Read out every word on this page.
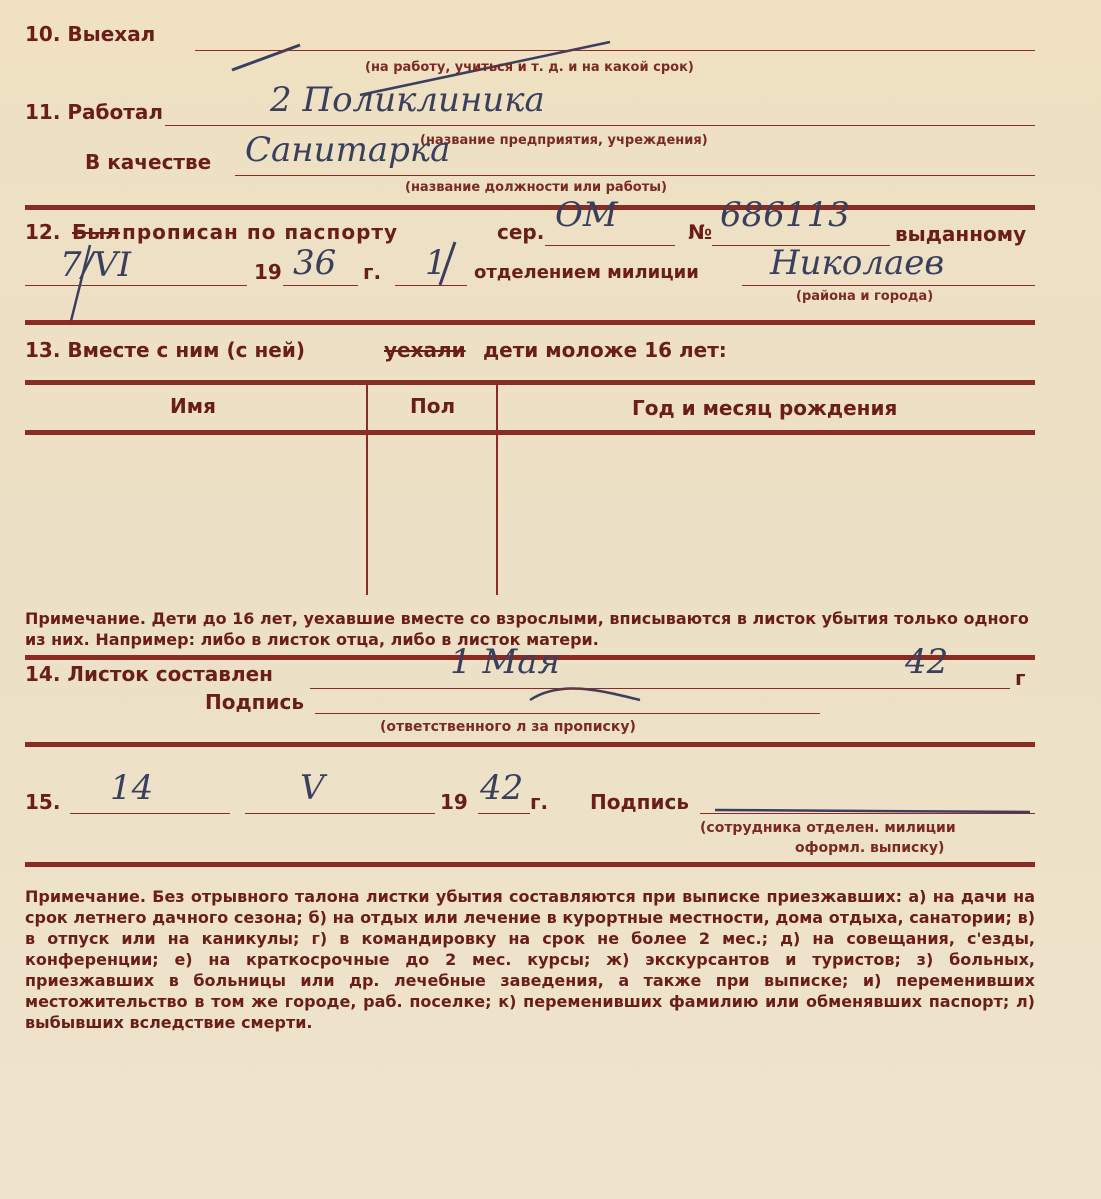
10. Выехал
(на работу, учиться и т. д. и на какой срок)
11. Работал	2 Поликлиника
(название предприятия, учреждения)
В качестве Санитарка
(название должности или работы)
12. Был прописан по паспорту	сер. ОМ	№ 686113 выданному
7/VI	19 36 г. 1 отделением милиции Николаев
(района и города)
13. Вместе с ним (с ней)	уехали дети моложе 16 лет:
Имя	Пол	Год и месяц рождения
Примечание. Дети до 16 лет, уехавшие вместе со взрослыми, вписываются в листок убытия только одного из них. Например: либо в листок отца, либо в листок матери.
14. Листок составлен	1 Мая	42	г
Подпись
(ответственного л за прописку)
15. 14	V	19 42 г. Подпись
(сотрудника отделен. милиции
оформл. выписку)
Примечание. Без отрывного талона листки убытия составляются при выписке приезжавших: а) на дачи на срок летнего дачного сезона; б) на отдых или лечение в курортные местности, дома отдыха, санатории; в) в отпуск или на каникулы; г) в командировку на срок не более 2 мес.; д) на совещания, с'езды, конференции; е) на краткосрочные до 2 мес. курсы; ж) экскурсантов и туристов; з) больных, приезжавших в больницы или др. лечебные заведения, а также при выписке; и) переменивших местожительство в том же городе, раб. поселке; к) переменивших фамилию или обменявших паспорт; л) выбывших вследствие смерти.
